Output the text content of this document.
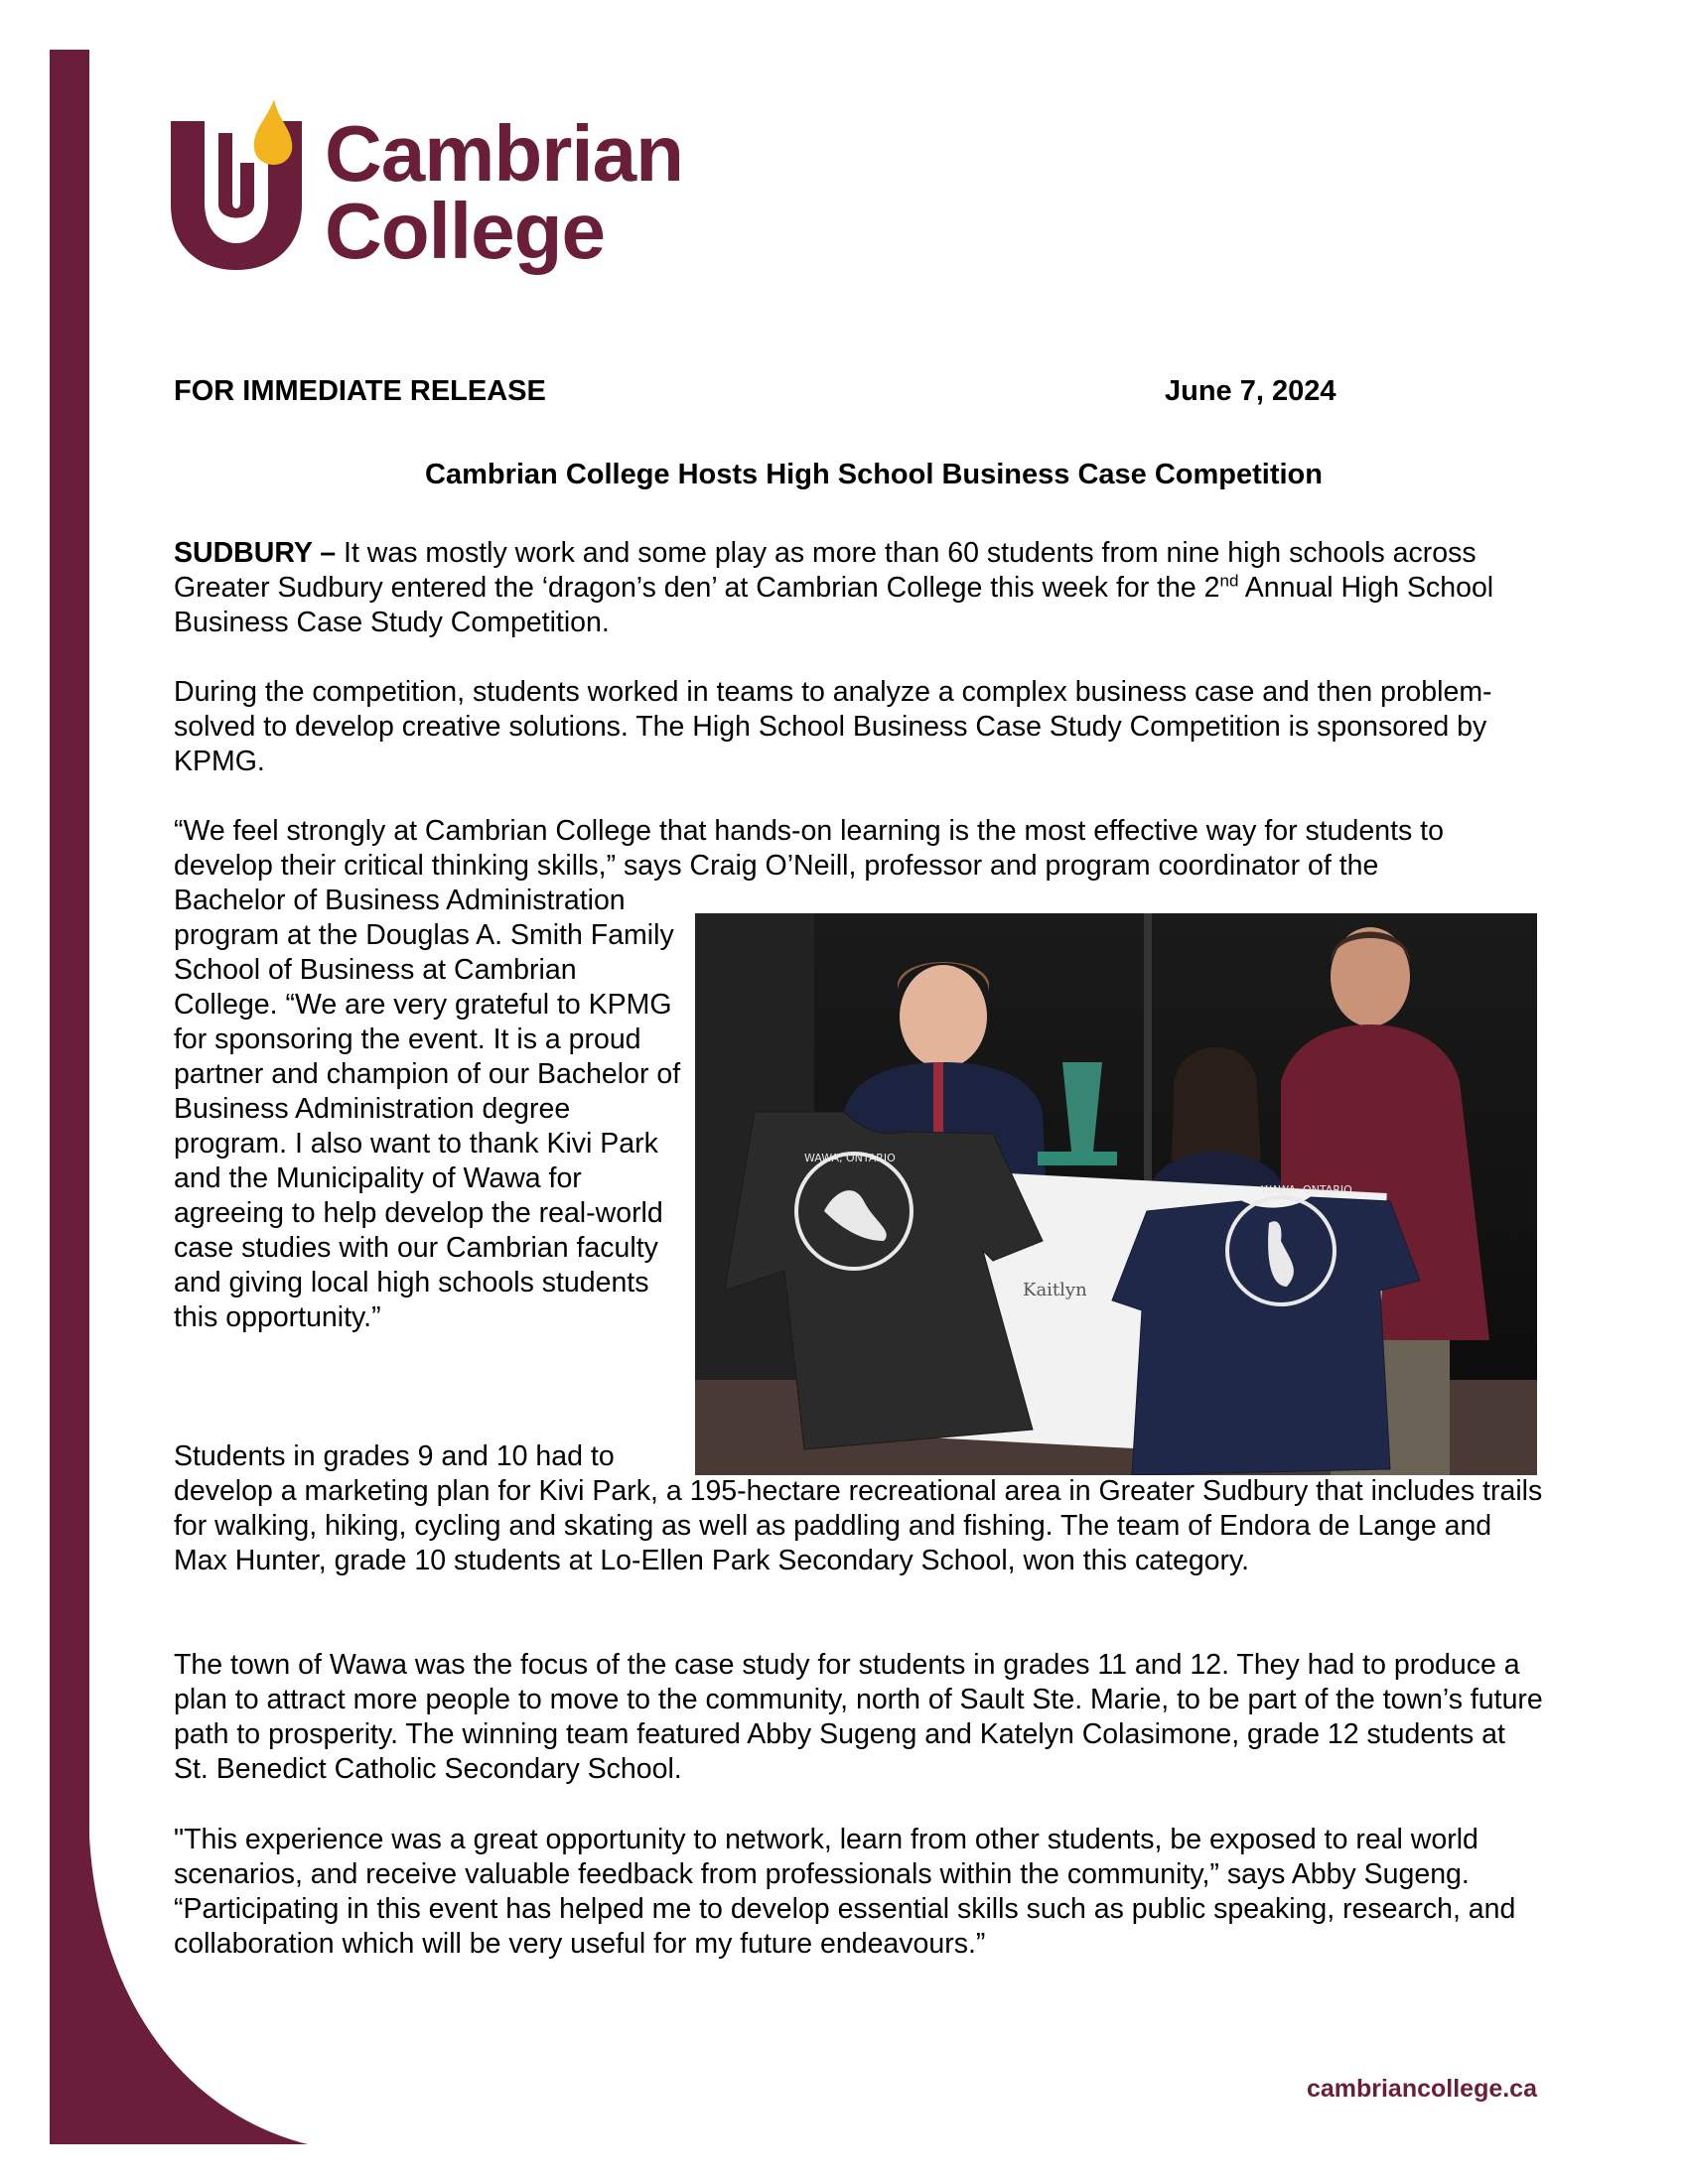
Cambrian
College
FOR IMMEDIATE RELEASE	June 7, 2024
Cambrian College Hosts High School Business Case Competition
SUDBURY – It was mostly work and some play as more than 60 students from nine high schools across Greater Sudbury entered the ‘dragon’s den’ at Cambrian College this week for the 2nd Annual High School Business Case Study Competition.
During the competition, students worked in teams to analyze a complex business case and then problem-solved to develop creative solutions. The High School Business Case Study Competition is sponsored by KPMG.
“We feel strongly at Cambrian College that hands-on learning is the most effective way for students to develop their critical thinking skills,” says Craig O’Neill, professor and program coordinator of the
Bachelor of Business Administration program at the Douglas A. Smith Family School of Business at Cambrian College. “We are very grateful to KPMG for sponsoring the event. It is a proud partner and champion of our Bachelor of Business Administration degree program. I also want to thank Kivi Park and the Municipality of Wawa for agreeing to help develop the real-world case studies with our Cambrian faculty and giving local high schools students this opportunity.”
Kaitlyn
WAWA, ONTARIO
WAWA, ONTARIO
Students in grades 9 and 10 had to
develop a marketing plan for Kivi Park, a 195-hectare recreational area in Greater Sudbury that includes trails for walking, hiking, cycling and skating as well as paddling and fishing. The team of Endora de Lange and Max Hunter, grade 10 students at Lo-Ellen Park Secondary School, won this category.
The town of Wawa was the focus of the case study for students in grades 11 and 12. They had to produce a plan to attract more people to move to the community, north of Sault Ste. Marie, to be part of the town’s future path to prosperity. The winning team featured Abby Sugeng and Katelyn Colasimone, grade 12 students at St. Benedict Catholic Secondary School.
"This experience was a great opportunity to network, learn from other students, be exposed to real world scenarios, and receive valuable feedback from professionals within the community,” says Abby Sugeng. “Participating in this event has helped me to develop essential skills such as public speaking, research, and collaboration which will be very useful for my future endeavours.”
cambriancollege.ca
